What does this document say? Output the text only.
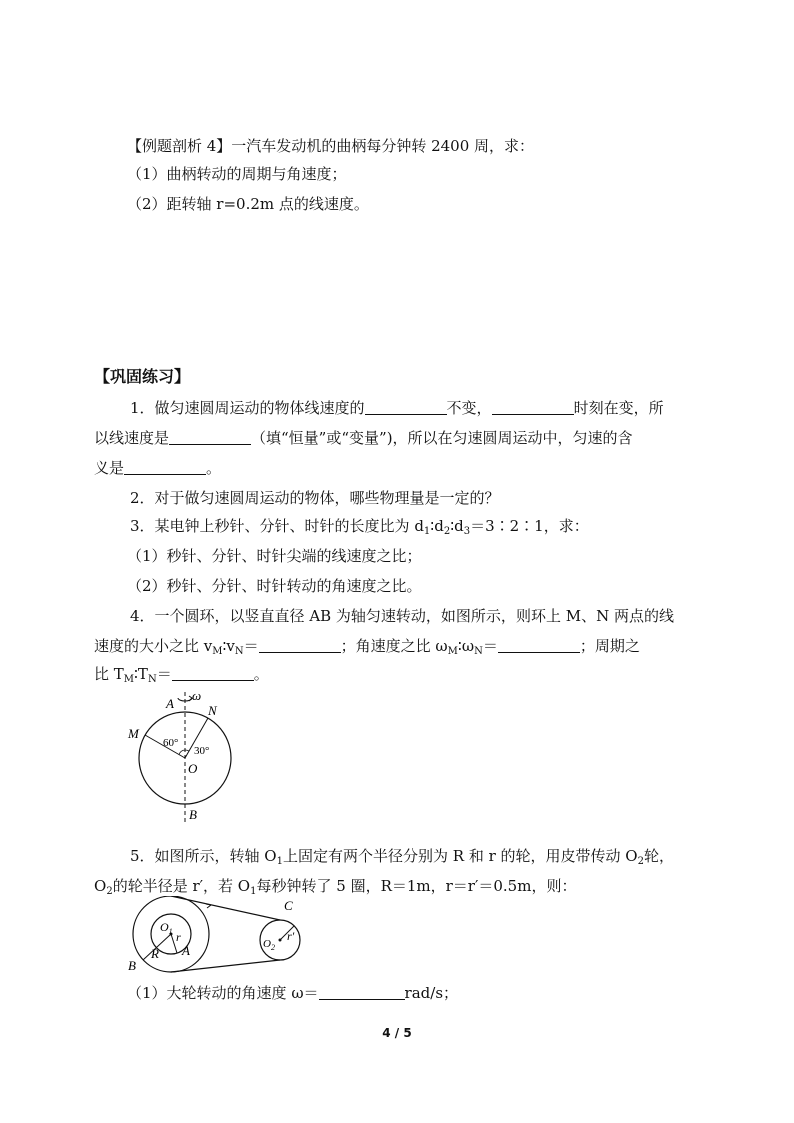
【例题剖析 4】一汽车发动机的曲柄每分钟转 2400 周，求：
（1）曲柄转动的周期与角速度；
（2）距转轴 r=0.2m 点的线速度。
【巩固练习】
1．做匀速圆周运动的物体线速度的	不变，	时刻在变，所
以线速度是	（填“恒量”或“变量”)，所以在匀速圆周运动中，匀速的含
义是	。
2．对于做匀速圆周运动的物体，哪些物理量是一定的？
3．某电钟上秒针、分针、时针的长度比为 $d_1∶d_2∶d_3=3∶2∶1$，求：
（1）秒针、分针、时针尖端的线速度之比；
（2）秒针、分针、时针转动的角速度之比。
4．一个圆环，以竖直直径 AB 为轴匀速转动，如图所示，则环上 M、N 两点的线
速度的大小之比 $v_M∶v_N=$	；角速度之比 $\omega_M∶\omega_N=$	；周期之
比 $T_M∶T_N=$	。
ω
A	N
M
60°
30°
O
B
5．如图所示，转轴 $O_1$上固定有两个半径分别为 R 和 r 的轮，用皮带传动 $O_2$轮，
$O_2$的轮半径是 r′，若 $O_1$每秒钟转了 5 圈，R＝1m，r＝r′＝0.5m，则：
$O_1$ r
A
R
B
C
$O_2$
r′
（1）大轮转动的角速度 ω＝	rad/s；
4 / 5
